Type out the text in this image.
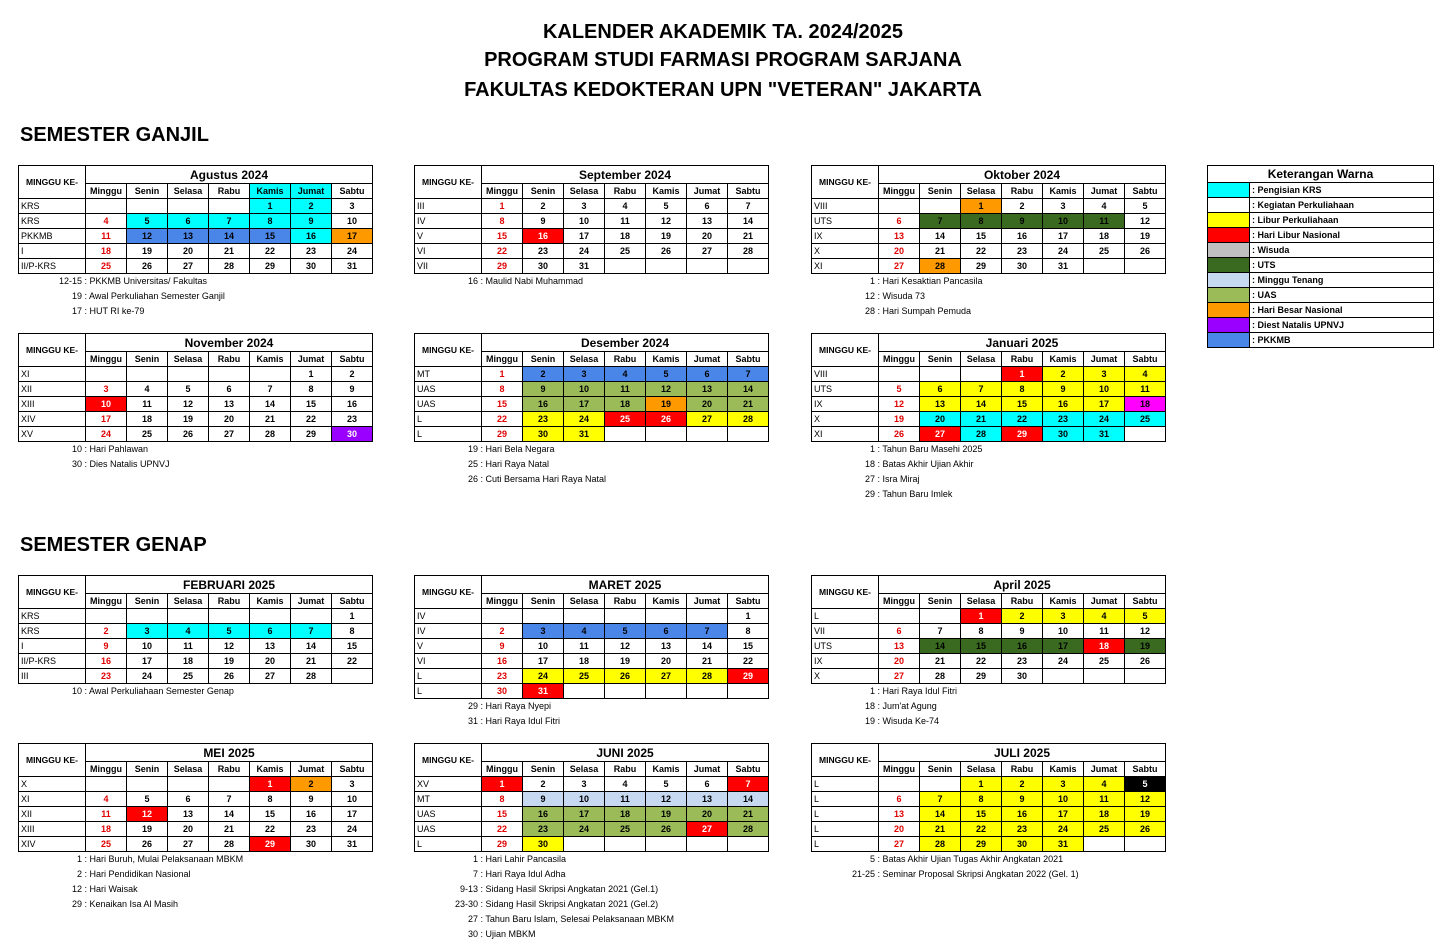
KALENDER AKADEMIK TA. 2024/2025
PROGRAM STUDI FARMASI PROGRAM SARJANA
FAKULTAS KEDOKTERAN UPN "VETERAN" JAKARTA
SEMESTER GANJIL
SEMESTER GENAP
MINGGU KE-	Agustus 2024						
	Minggu	Senin	Selasa	Rabu	Kamis	Jumat	Sabtu
KRS					1	2	3
KRS	4	5	6	7	8	9	10
PKKMB	11	12	13	14	15	16	17
I	18	19	20	21	22	23	24
II/P-KRS	25	26	27	28	29	30	31
12-15 : PKKMB Universitas/ Fakultas
19 : Awal Perkuliahan Semester Ganjil
17 : HUT RI ke-79
MINGGU KE-	September 2024						
	Minggu	Senin	Selasa	Rabu	Kamis	Jumat	Sabtu
III	1	2	3	4	5	6	7
IV	8	9	10	11	12	13	14
V	15	16	17	18	19	20	21
VI	22	23	24	25	26	27	28
VII	29	30	31				
16 : Maulid Nabi Muhammad
MINGGU KE-	Oktober 2024						
	Minggu	Senin	Selasa	Rabu	Kamis	Jumat	Sabtu
VIII			1	2	3	4	5
UTS	6	7	8	9	10	11	12
IX	13	14	15	16	17	18	19
X	20	21	22	23	24	25	26
XI	27	28	29	30	31		
1 : Hari Kesaktian Pancasila
12 : Wisuda 73
28 : Hari Sumpah Pemuda
MINGGU KE-	November 2024						
	Minggu	Senin	Selasa	Rabu	Kamis	Jumat	Sabtu
XI						1	2
XII	3	4	5	6	7	8	9
XIII	10	11	12	13	14	15	16
XIV	17	18	19	20	21	22	23
XV	24	25	26	27	28	29	30
10 : Hari Pahlawan
30 : Dies Natalis UPNVJ
MINGGU KE-	Desember 2024						
	Minggu	Senin	Selasa	Rabu	Kamis	Jumat	Sabtu
MT	1	2	3	4	5	6	7
UAS	8	9	10	11	12	13	14
UAS	15	16	17	18	19	20	21
L	22	23	24	25	26	27	28
L	29	30	31				
19 : Hari Bela Negara
25 : Hari Raya Natal
26 : Cuti Bersama Hari Raya Natal
MINGGU KE-	Januari 2025						
	Minggu	Senin	Selasa	Rabu	Kamis	Jumat	Sabtu
VIII				1	2	3	4
UTS	5	6	7	8	9	10	11
IX	12	13	14	15	16	17	18
X	19	20	21	22	23	24	25
XI	26	27	28	29	30	31	
1 : Tahun Baru Masehi 2025
18 : Batas Akhir Ujian Akhir
27 : Isra Miraj
29 : Tahun Baru Imlek
MINGGU KE-	FEBRUARI 2025						
	Minggu	Senin	Selasa	Rabu	Kamis	Jumat	Sabtu
KRS							1
KRS	2	3	4	5	6	7	8
I	9	10	11	12	13	14	15
II/P-KRS	16	17	18	19	20	21	22
III	23	24	25	26	27	28	
10 : Awal Perkuliahaan Semester Genap
MINGGU KE-	MARET 2025						
	Minggu	Senin	Selasa	Rabu	Kamis	Jumat	Sabtu
IV							1
IV	2	3	4	5	6	7	8
V	9	10	11	12	13	14	15
VI	16	17	18	19	20	21	22
L	23	24	25	26	27	28	29
L	30	31					
29 : Hari Raya Nyepi
31 : Hari Raya Idul Fitri
MINGGU KE-	April 2025						
	Minggu	Senin	Selasa	Rabu	Kamis	Jumat	Sabtu
L			1	2	3	4	5
VII	6	7	8	9	10	11	12
UTS	13	14	15	16	17	18	19
IX	20	21	22	23	24	25	26
X	27	28	29	30			
1 : Hari Raya Idul Fitri
18 : Jum'at Agung
19 : Wisuda Ke-74
MINGGU KE-	MEI 2025						
	Minggu	Senin	Selasa	Rabu	Kamis	Jumat	Sabtu
X					1	2	3
XI	4	5	6	7	8	9	10
XII	11	12	13	14	15	16	17
XIII	18	19	20	21	22	23	24
XIV	25	26	27	28	29	30	31
1 : Hari Buruh, Mulai Pelaksanaan MBKM
2 : Hari Pendidikan Nasional
12 : Hari Waisak
29 : Kenaikan Isa Al Masih
MINGGU KE-	JUNI 2025						
	Minggu	Senin	Selasa	Rabu	Kamis	Jumat	Sabtu
XV	1	2	3	4	5	6	7
MT	8	9	10	11	12	13	14
UAS	15	16	17	18	19	20	21
UAS	22	23	24	25	26	27	28
L	29	30					
1 : Hari Lahir Pancasila
7 : Hari Raya Idul Adha
9-13 : Sidang Hasil Skripsi Angkatan 2021 (Gel.1)
23-30 : Sidang Hasil Skripsi Angkatan 2021 (Gel.2)
27 : Tahun Baru Islam, Selesai Pelaksanaan MBKM
30 : Ujian MBKM
MINGGU KE-	JULI 2025						
	Minggu	Senin	Selasa	Rabu	Kamis	Jumat	Sabtu
L			1	2	3	4	5
L	6	7	8	9	10	11	12
L	13	14	15	16	17	18	19
L	20	21	22	23	24	25	26
L	27	28	29	30	31		
5 : Batas Akhir Ujian Tugas Akhir Angkatan 2021
21-25 : Seminar Proposal Skripsi Angkatan 2022 (Gel. 1)
Keterangan Warna	
	: Pengisian KRS
	: Kegiatan Perkuliahaan
	: Libur Perkuliahaan
	: Hari Libur Nasional
	: Wisuda
	: UTS
	: Minggu Tenang
	: UAS
	: Hari Besar Nasional
	: Diest Natalis UPNVJ
	: PKKMB
